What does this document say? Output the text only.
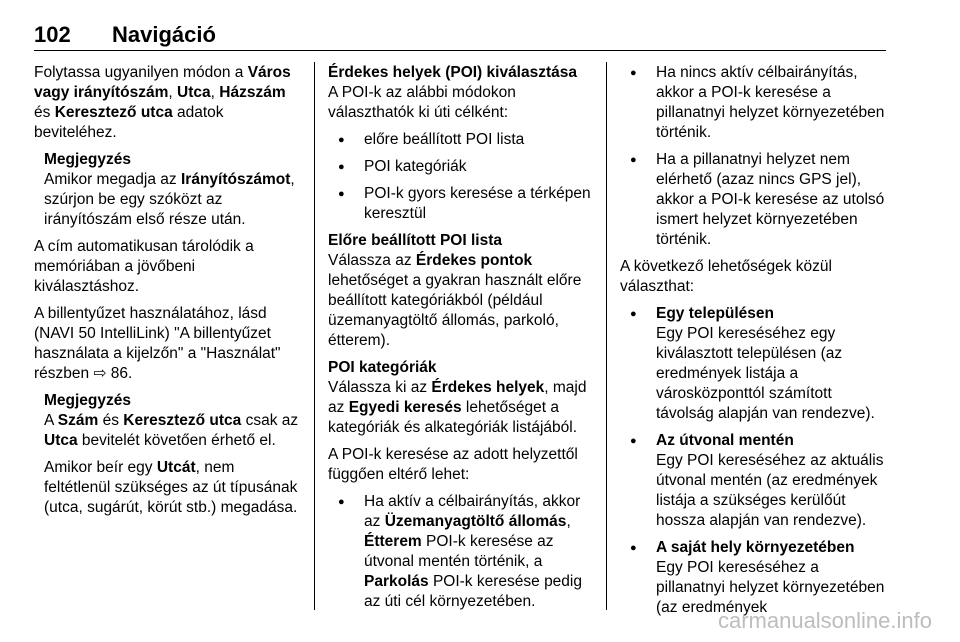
102 Navigáció

Folytassa ugyanilyen módon a Város vagy irányítószám, Utca, Házszám és Keresztező utca adatok beviteléhez.

Megjegyzés
Amikor megadja az Irányítószámot, szúrjon be egy szóközt az irányítószám első része után.

A cím automatikusan tárolódik a memóriában a jövőbeni kiválasztáshoz.

A billentyűzet használatához, lásd (NAVI 50 IntelliLink) "A billentyűzet használata a kijelzőn" a "Használat" részben ⇨ 86.

Megjegyzés

A Szám és Keresztező utca csak az Utca bevitelét követően érhető el.

Amikor beír egy Utcát, nem feltétlenül szükséges az út típusának (utca, sugárút, körút stb.) megadása.

Érdekes helyek (POI) kiválasztása

A POI-k az alábbi módokon választhatók ki úti célként:

● előre beállított POI lista
● POI kategóriák
● POI-k gyors keresése a térképen keresztül
Előre beállított POI lista

Válassza az Érdekes pontok lehetőséget a gyakran használt előre beállított kategóriákból (például üzemanyagtöltő állomás, parkoló, étterem).

POI kategóriák

Válassza ki az Érdekes helyek, majd az Egyedi keresés lehetőséget a kategóriák és alkategóriák listájából.

A POI-k keresése az adott helyzettől függően eltérő lehet:

● Ha aktív a célbairányítás, akkor az Üzemanyagtöltő állomás, Étterem POI-k keresése az útvonal mentén történik, a Parkolás POI-k keresése pedig az úti cél környezetében.
● Ha nincs aktív célbairányítás, akkor a POI-k keresése a pillanatnyi helyzet környezetében történik.
● Ha a pillanatnyi helyzet nem elérhető (azaz nincs GPS jel), akkor a POI-k keresése az utolsó ismert helyzet környezetében történik.

A következő lehetőségek közül választhat:

● Egy településen
Egy POI kereséséhez egy kiválasztott településen (az eredmények listája a városközponttól számított távolság alapján van rendezve).
● Az útvonal mentén
Egy POI kereséséhez az aktuális útvonal mentén (az eredmények listája a szükséges kerülőút hossza alapján van rendezve).
● A saját hely környezetében
Egy POI kereséséhez a pillanatnyi helyzet környezetében (az eredmények
carmanualsonline.info
